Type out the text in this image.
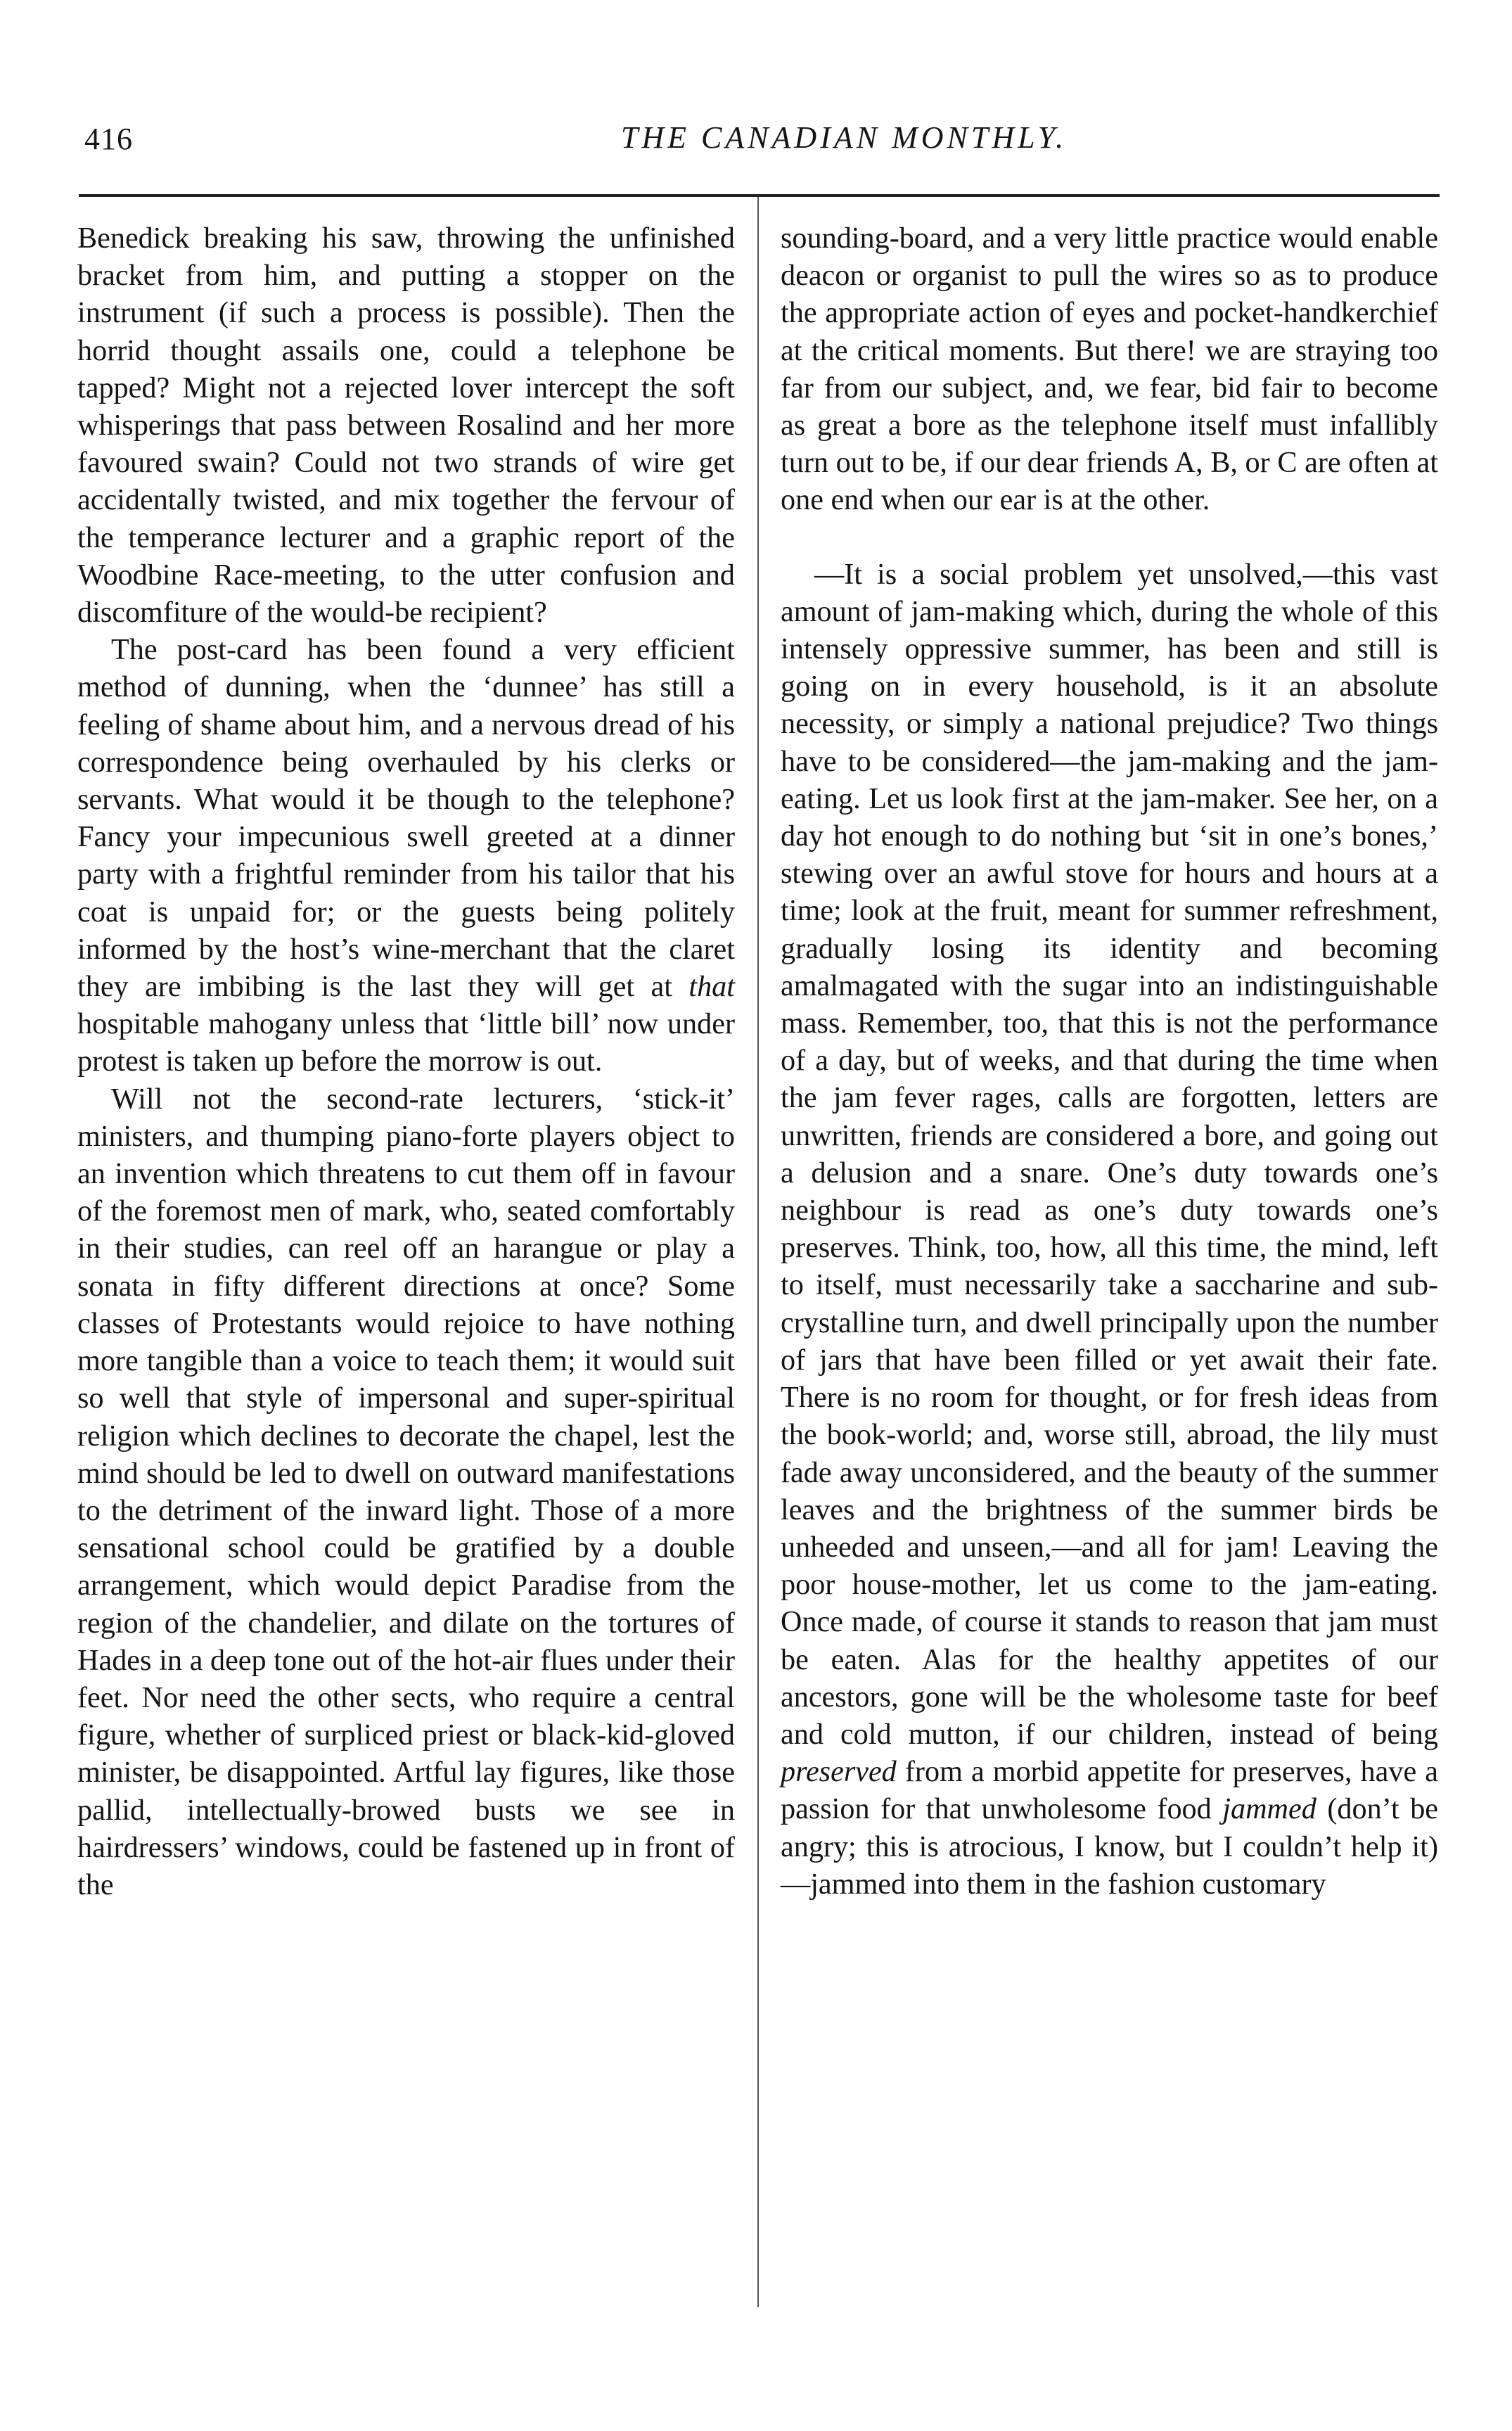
416	THE CANADIAN MONTHLY.

Benedick breaking his saw, throwing the unfinished bracket from him, and putting a stopper on the instrument (if such a process is possible). Then the horrid thought assails one, could a telephone be tapped? Might not a rejected lover intercept the soft whisperings that pass between Rosalind and her more favoured swain? Could not two strands of wire get accidentally twisted, and mix together the fervour of the temperance lecturer and a graphic report of the Woodbine Race-meeting, to the utter confusion and discomfiture of the would-be recipient?

The post-card has been found a very efficient method of dunning, when the ‘dunnee’ has still a feeling of shame about him, and a nervous dread of his correspondence being overhauled by his clerks or servants. What would it be though to the telephone? Fancy your impecunious swell greeted at a dinner party with a frightful reminder from his tailor that his coat is unpaid for; or the guests being politely informed by the host’s wine-merchant that the claret they are imbibing is the last they will get at that hospitable mahogany unless that ‘little bill’ now under protest is taken up before the morrow is out.

Will not the second-rate lecturers, ‘stick-it’ ministers, and thumping piano-forte players object to an invention which threatens to cut them off in favour of the foremost men of mark, who, seated comfortably in their studies, can reel off an harangue or play a sonata in fifty different directions at once? Some classes of Protestants would rejoice to have nothing more tangible than a voice to teach them; it would suit so well that style of impersonal and super-spiritual religion which declines to decorate the chapel, lest the mind should be led to dwell on outward manifestations to the detriment of the inward light. Those of a more sensational school could be gratified by a double arrangement, which would depict Paradise from the region of the chandelier, and dilate on the tortures of Hades in a deep tone out of the hot-air flues under their feet. Nor need the other sects, who require a central figure, whether of surpliced priest or black-kid-gloved minister, be disappointed. Artful lay figures, like those pallid, intellectually-browed busts we see in hairdressers’ windows, could be fastened up in front of the

sounding-board, and a very little practice would enable deacon or organist to pull the wires so as to produce the appropriate action of eyes and pocket-handkerchief at the critical moments. But there! we are straying too far from our subject, and, we fear, bid fair to become as great a bore as the telephone itself must infallibly turn out to be, if our dear friends A, B, or C are often at one end when our ear is at the other.

—It is a social problem yet unsolved,—this vast amount of jam-making which, during the whole of this intensely oppressive summer, has been and still is going on in every household, is it an absolute necessity, or simply a national prejudice? Two things have to be considered—the jam-making and the jam-eating. Let us look first at the jam-maker. See her, on a day hot enough to do nothing but ‘sit in one’s bones,’ stewing over an awful stove for hours and hours at a time; look at the fruit, meant for summer refreshment, gradually losing its identity and becoming amalmagated with the sugar into an indistinguishable mass. Remember, too, that this is not the performance of a day, but of weeks, and that during the time when the jam fever rages, calls are forgotten, letters are unwritten, friends are considered a bore, and going out a delusion and a snare. One’s duty towards one’s neighbour is read as one’s duty towards one’s preserves. Think, too, how, all this time, the mind, left to itself, must necessarily take a saccharine and sub-crystalline turn, and dwell principally upon the number of jars that have been filled or yet await their fate. There is no room for thought, or for fresh ideas from the book-world; and, worse still, abroad, the lily must fade away unconsidered, and the beauty of the summer leaves and the brightness of the summer birds be unheeded and unseen,—and all for jam! Leaving the poor house-mother, let us come to the jam-eating. Once made, of course it stands to reason that jam must be eaten. Alas for the healthy appetites of our ancestors, gone will be the wholesome taste for beef and cold mutton, if our children, instead of being preserved from a morbid appetite for preserves, have a passion for that unwholesome food jammed (don’t be angry; this is atrocious, I know, but I couldn’t help it)—jammed into them in the fashion customary
